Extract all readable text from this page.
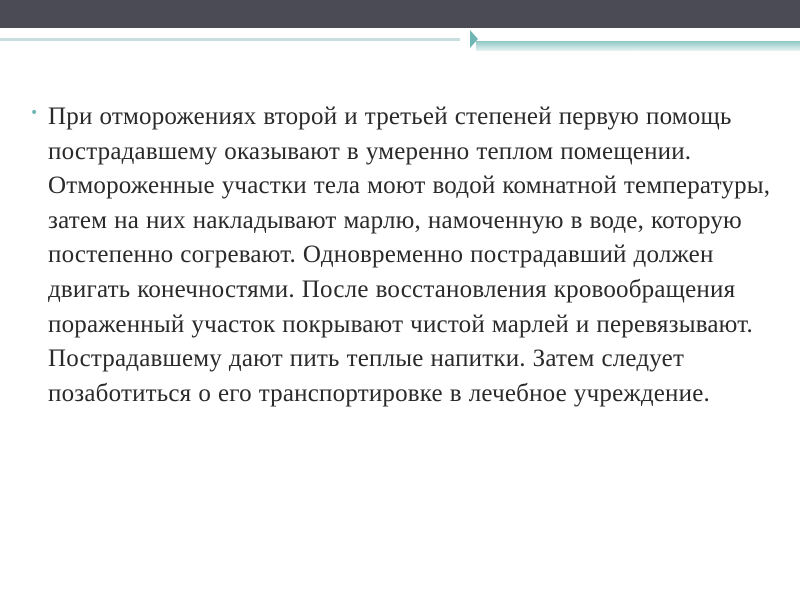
• При отморожениях второй и третьей степеней первую помощь пострадавшему оказывают в умеренно теплом помещении. Отмороженные участки тела моют водой комнатной температуры, затем на них накладывают марлю, намоченную в воде, которую постепенно согревают. Одновременно пострадавший должен двигать конечностями. После восстановления кровообращения пораженный участок покрывают чистой марлей и перевязывают. Пострадавшему дают пить теплые напитки. Затем следует позаботиться о его транспортировке в лечебное учреждение.
